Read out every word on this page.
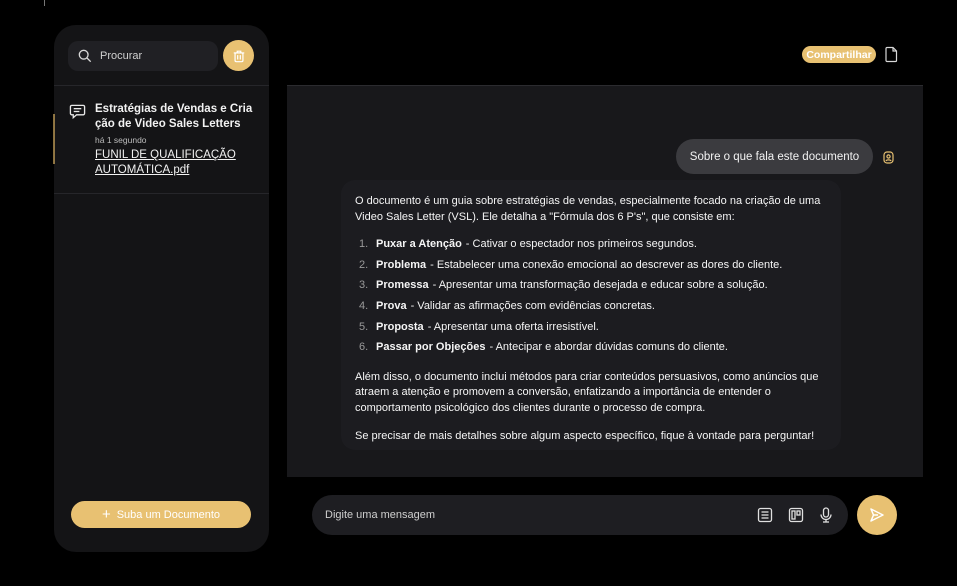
Procurar
Estratégias de Vendas e Criação de Video Sales Letters
há 1 segundo
FUNIL DE QUALIFICAÇÃO AUTOMÁTICA.pdf
+ Suba um Documento
Compartilhar
Sobre o que fala este documento

O documento é um guia sobre estratégias de vendas, especialmente focado na criação de uma Video Sales Letter (VSL). Ele detalha a "Fórmula dos 6 P's", que consiste em:

1. Puxar a Atenção - Cativar o espectador nos primeiros segundos.
2. Problema - Estabelecer uma conexão emocional ao descrever as dores do cliente.
3. Promessa - Apresentar uma transformação desejada e educar sobre a solução.
4. Prova - Validar as afirmações com evidências concretas.
5. Proposta - Apresentar uma oferta irresistível.
6. Passar por Objeções - Antecipar e abordar dúvidas comuns do cliente.

Além disso, o documento inclui métodos para criar conteúdos persuasivos, como anúncios que atraem a atenção e promovem a conversão, enfatizando a importância de entender o comportamento psicológico dos clientes durante o processo de compra.

Se precisar de mais detalhes sobre algum aspecto específico, fique à vontade para perguntar!

Digite uma mensagem
